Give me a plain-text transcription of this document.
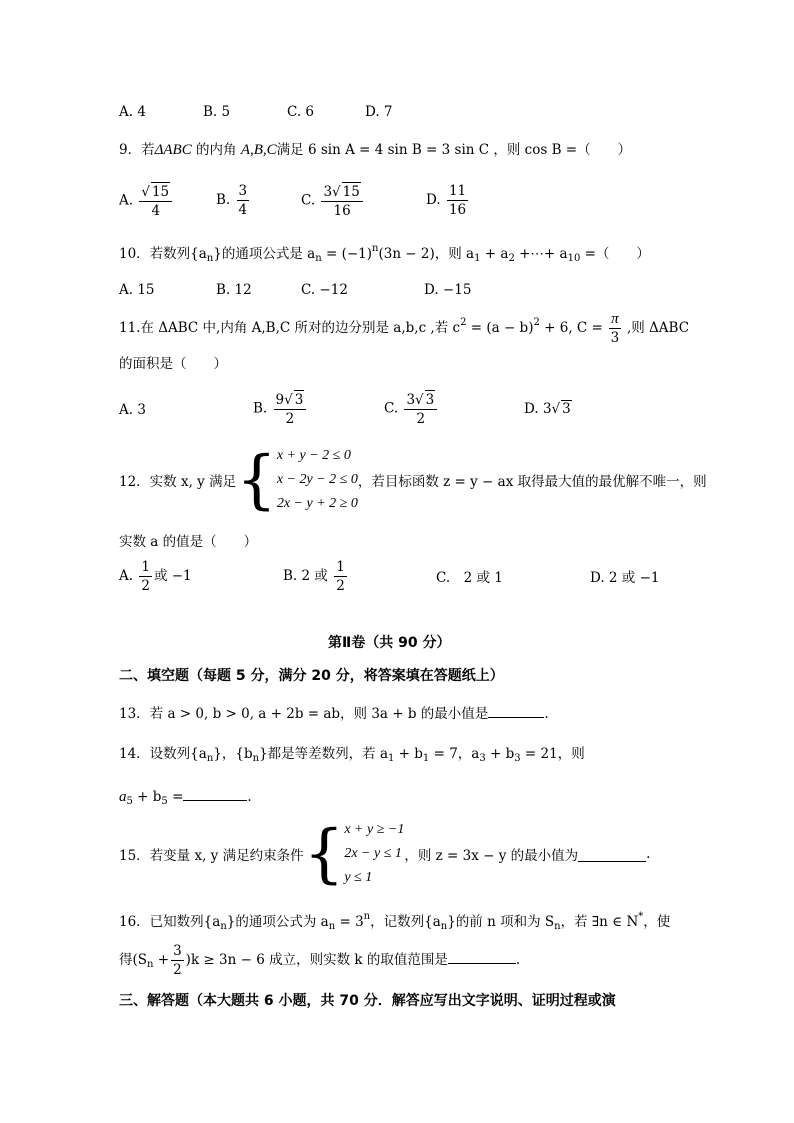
A. 4	B. 5	C. 6	D. 7
9．若ΔABC 的内角 A,B,C满足 6 sin A = 4 sin B = 3 sin C ，则 cos B =（　　）
A. $\frac{√ 15}{4}$	B. $\frac{3}{4}$	C. $\frac{3√ 15}{16}$	D. $\frac{11}{16}$
10．若数列$\{a_n\}$的通项公式是 $a_n = (-1)^n(3n - 2)$，则 $a_1 + a_2$ +⋯+ $a_{10}$ =（　　）
A. 15	B. 12	C. −12	D. −15
11.在 ΔABC 中,内角 A,B,C 所对的边分别是 a,b,c ,若 $c^2 = (a - b)^2 + 6$, $C = \frac{\pi}{3}$ ,则 ΔABC
的面积是（　　）
A. 3	B. $\frac{9√ 3}{2}$	C. $\frac{3√ 3}{2}$	D. 3√ 3
12．实数 x, y 满足 { x + y − 2 ≤ 0
x − 2y − 2 ≤ 0
2x − y + 2 ≥ 0
，若目标函数 z = y − ax 取得最大值的最优解不唯一，则
实数 a 的值是（　　）
A. $\frac{1}{2}$ 或 −1	B. 2 或 $\frac{1}{2}$	C.　2 或 1	D. 2 或 −1
第Ⅱ卷（共 90 分）
二、填空题（每题 5 分，满分 20 分，将答案填在答题纸上）
13．若 a > 0, b > 0, a + 2b = ab，则 3a + b 的最小值是	.
14．设数列$\{a_n\}$，$\{b_n\}$都是等差数列，若 $a_1 + b_1 = 7$，$a_3 + b_3 = 21$，则
$a_5 + b_5$ =	.
15．若变量 x, y 满足约束条件 { x + y ≥ −1
2x − y ≤ 1
y ≤ 1
，则 z = 3x − y 的最小值为	.
16．已知数列$\{a_n\}$的通项公式为 $a_n = 3^n$，记数列$\{a_n\}$的前 n 项和为 $S_n$，若 ∃n ∈ N*，使
得$(S_n + \frac{3}{2} )k \ge 3n - 6$ 成立，则实数 k 的取值范围是	.
三、解答题（本大题共 6 小题，共 70 分．解答应写出文字说明、证明过程或演
